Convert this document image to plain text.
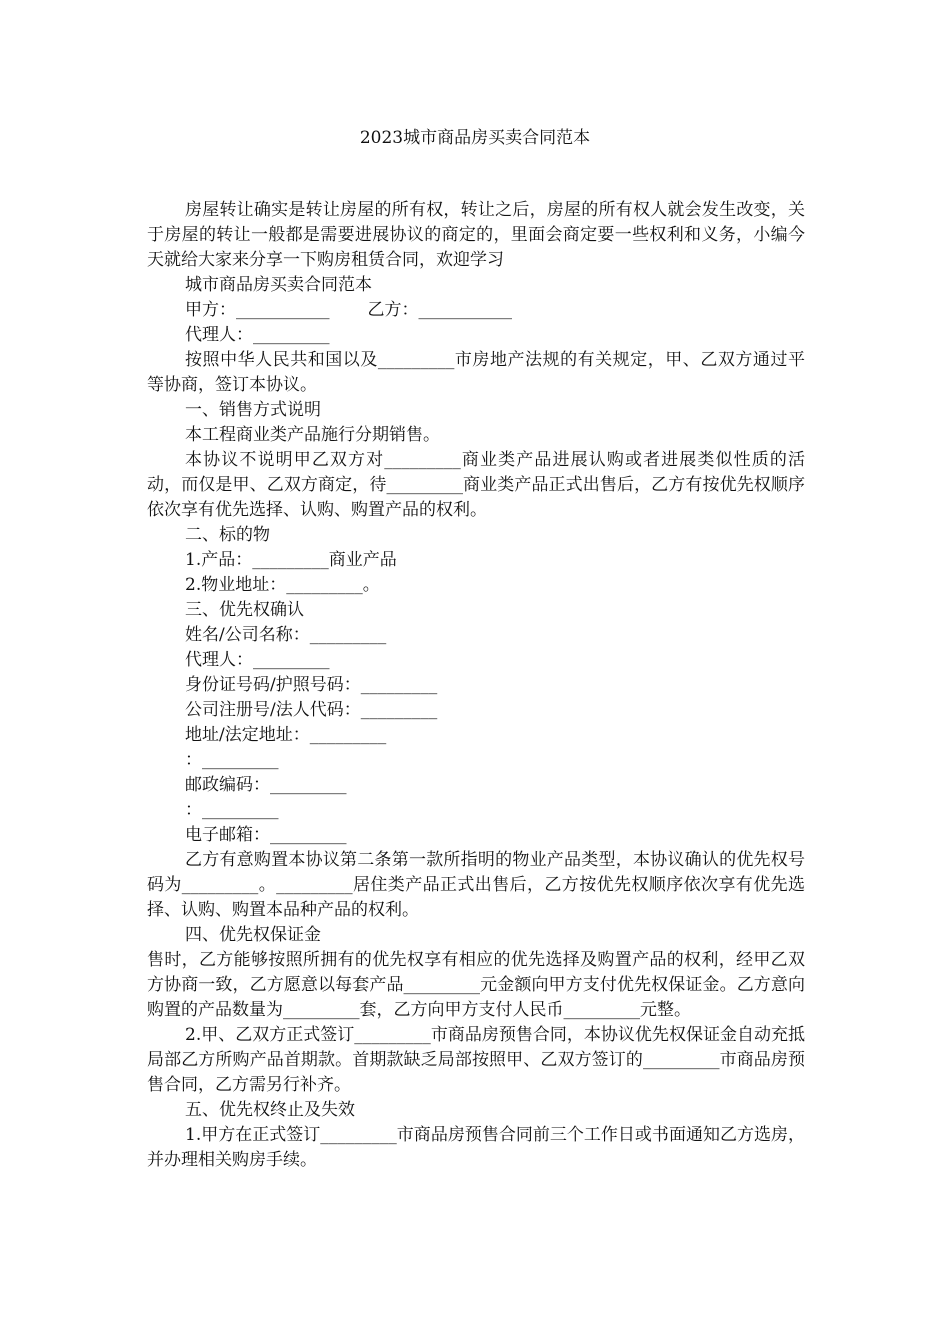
2023城市商品房买卖合同范本

房屋转让确实是转让房屋的所有权，转让之后，房屋的所有权人就会发生改变，关于房屋的转让一般都是需要进展协议的商定的，里面会商定要一些权利和义务，小编今天就给大家来分享一下购房租赁合同，欢迎学习

城市商品房买卖合同范本

甲方：___________ 乙方：___________

代理人：_________

按照中华人民共和国以及_________市房地产法规的有关规定，甲、乙双方通过平等协商，签订本协议。

一、销售方式说明

本工程商业类产品施行分期销售。

本协议不说明甲乙双方对_________商业类产品进展认购或者进展类似性质的活动，而仅是甲、乙双方商定，待_________商业类产品正式出售后，乙方有按优先权顺序依次享有优先选择、认购、购置产品的权利。

二、标的物

1.产品：_________商业产品

2.物业地址：_________。

三、优先权确认

姓名/公司名称：_________

代理人：_________

身份证号码/护照号码：_________

公司注册号/法人代码：_________

地址/法定地址：_________

：_________

邮政编码：_________

：_________

电子邮箱：_________

乙方有意购置本协议第二条第一款所指明的物业产品类型，本协议确认的优先权号码为_________。_________居住类产品正式出售后，乙方按优先权顺序依次享有优先选择、认购、购置本品种产品的权利。

四、优先权保证金

售时，乙方能够按照所拥有的优先权享有相应的优先选择及购置产品的权利，经甲乙双方协商一致，乙方愿意以每套产品_________元金额向甲方支付优先权保证金。乙方意向购置的产品数量为_________套，乙方向甲方支付人民币_________元整。

2.甲、乙双方正式签订_________市商品房预售合同，本协议优先权保证金自动充抵局部乙方所购产品首期款。首期款缺乏局部按照甲、乙双方签订的_________市商品房预售合同，乙方需另行补齐。

五、优先权终止及失效

1.甲方在正式签订_________市商品房预售合同前三个工作日或书面通知乙方选房，并办理相关购房手续。
